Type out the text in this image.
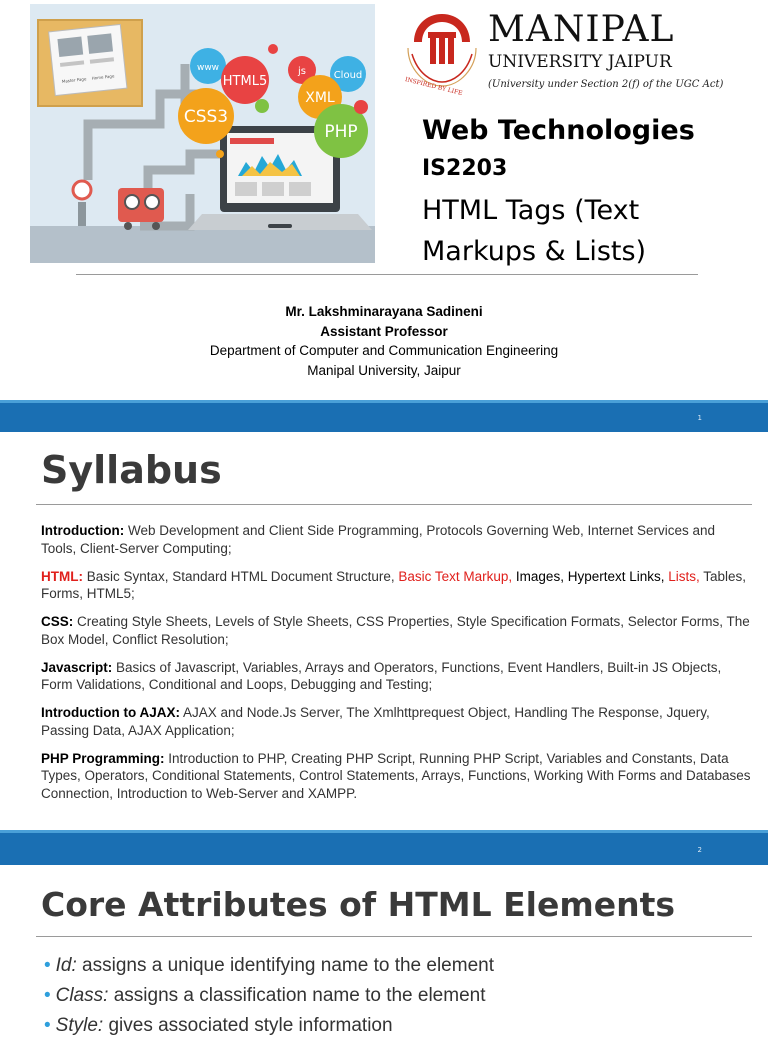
Master Page Home Page
www
HTML5
js	Cloud
XML
CSS3
PHP
INSPIRED BY LIFE
MANIPAL
UNIVERSITY JAIPUR
(University under Section 2(f) of the UGC Act)
Web Technologies
IS2203
HTML Tags (Text Markups & Lists)
Mr. Lakshminarayana Sadineni
Assistant Professor
Department of Computer and Communication Engineering
Manipal University, Jaipur
1
Syllabus

Introduction: Web Development and Client Side Programming, Protocols Governing Web, Internet Services and Tools, Client-Server Computing;

HTML: Basic Syntax, Standard HTML Document Structure, Basic Text Markup, Images, Hypertext Links, Lists, Tables, Forms, HTML5;

CSS: Creating Style Sheets, Levels of Style Sheets, CSS Properties, Style Specification Formats, Selector Forms, The Box Model, Conflict Resolution;

Javascript: Basics of Javascript, Variables, Arrays and Operators, Functions, Event Handlers, Built-in JS Objects, Form Validations, Conditional and Loops, Debugging and Testing;

Introduction to AJAX: AJAX and Node.Js Server, The Xmlhttprequest Object, Handling The Response, Jquery, Passing Data, AJAX Application;

PHP Programming: Introduction to PHP, Creating PHP Script, Running PHP Script, Variables and Constants, Data Types, Operators, Conditional Statements, Control Statements, Arrays, Functions, Working With Forms and Databases Connection, Introduction to Web-Server and XAMPP.

2
Core Attributes of HTML Elements
• Id: assigns a unique identifying name to the element
• Class: assigns a classification name to the element
• Style: gives associated style information
